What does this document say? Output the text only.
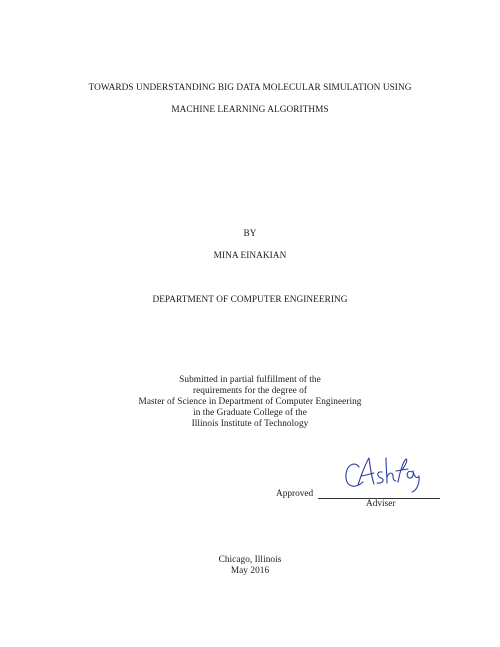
TOWARDS UNDERSTANDING BIG DATA MOLECULAR SIMULATION USING
MACHINE LEARNING ALGORITHMS
BY
MINA EINAKIAN
DEPARTMENT OF COMPUTER ENGINEERING
Submitted in partial fulfillment of the
requirements for the degree of
Master of Science in Department of Computer Engineering
in the Graduate College of the
Illinois Institute of Technology
Approved
Adviser
Chicago, Illinois
May 2016
